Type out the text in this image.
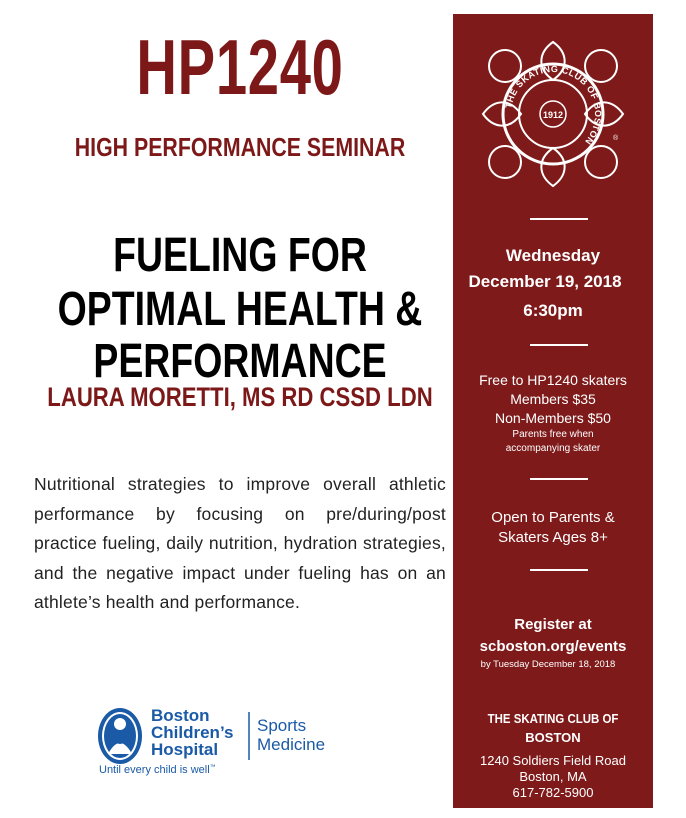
HP1240
HIGH PERFORMANCE SEMINAR
FUELING FOR
OPTIMAL HEALTH &
PERFORMANCE
LAURA MORETTI, MS RD CSSD LDN

Nutritional strategies to improve overall athletic performance by focusing on pre/during/post practice fueling, daily nutrition, hydration strategies, and the negative impact under fueling has on an athlete’s health and performance.

Boston
Children’s
Hospital
Sports
Medicine
Until every child is well™
THE SKATING CLUB OF BOSTON
1912
®
Wednesday
December 19, 2018
6:30pm
Free to HP1240 skaters
Members $35
Non-Members $50
Parents free when
accompanying skater
Open to Parents &
Skaters Ages 8+
Register at
scboston.org/events
by Tuesday December 18, 2018
THE SKATING CLUB OF
BOSTON
1240 Soldiers Field Road
Boston, MA
617-782-5900
